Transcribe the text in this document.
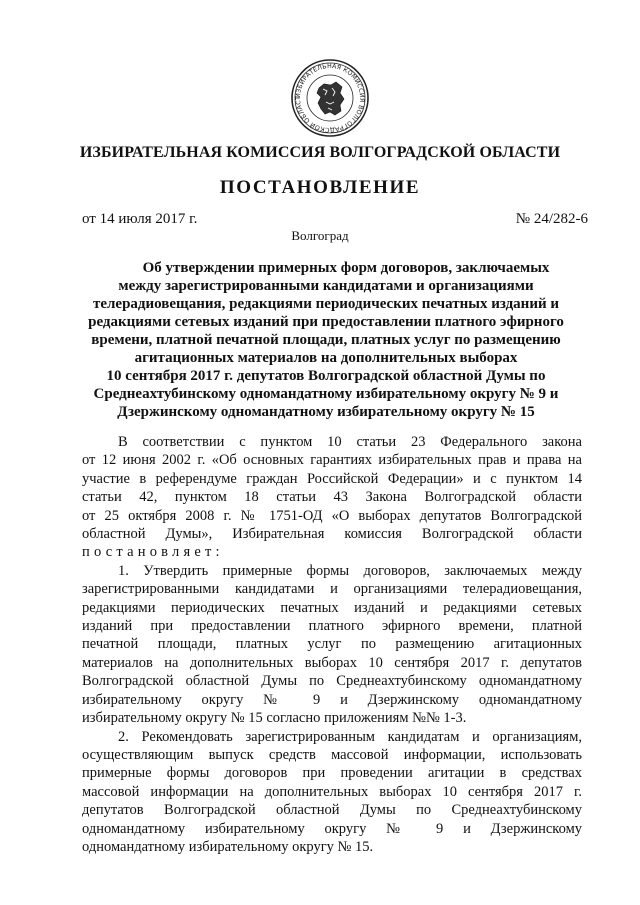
ИЗБИРАТЕЛЬНАЯ КОМИССИЯ ВОЛГОГРАДСКОЙ ОБЛАСТ
ИЗБИРАТЕЛЬНАЯ КОМИССИЯ ВОЛГОГРАДСКОЙ ОБЛАСТИ
ПОСТАНОВЛЕНИЕ
от 14 июля 2017 г.	№ 24/282-6
Волгоград
Об утверждении примерных форм договоров, заключаемых
между зарегистрированными кандидатами и организациями
телерадиовещания, редакциями периодических печатных изданий и
редакциями сетевых изданий при предоставлении платного эфирного
времени, платной печатной площади, платных услуг по размещению
агитационных материалов на дополнительных выборах
10 сентября 2017 г. депутатов Волгоградской областной Думы по
Среднеахтубинскому одномандатному избирательному округу № 9 и
Дзержинскому одномандатному избирательному округу № 15
В соответствии с пунктом 10 статьи 23 Федерального закона
от 12 июня 2002 г. «Об основных гарантиях избирательных прав и права на
участие в референдуме граждан Российской Федерации» и с пунктом 14
статьи 42, пунктом 18 статьи 43 Закона Волгоградской области
от 25 октября 2008 г. № 1751-ОД «О выборах депутатов Волгоградской
областной Думы», Избирательная комиссия Волгоградской области
постановляет:
1. Утвердить примерные формы договоров, заключаемых между
зарегистрированными кандидатами и организациями телерадиовещания,
редакциями периодических печатных изданий и редакциями сетевых
изданий при предоставлении платного эфирного времени, платной
печатной площади, платных услуг по размещению агитационных
материалов на дополнительных выборах 10 сентября 2017 г. депутатов
Волгоградской областной Думы по Среднеахтубинскому одномандатному
избирательному округу № 9 и Дзержинскому одномандатному
избирательному округу № 15 согласно приложениям №№ 1-3.
2. Рекомендовать зарегистрированным кандидатам и организациям,
осуществляющим выпуск средств массовой информации, использовать
примерные формы договоров при проведении агитации в средствах
массовой информации на дополнительных выборах 10 сентября 2017 г.
депутатов Волгоградской областной Думы по Среднеахтубинскому
одномандатному избирательному округу № 9 и Дзержинскому
одномандатному избирательному округу № 15.
